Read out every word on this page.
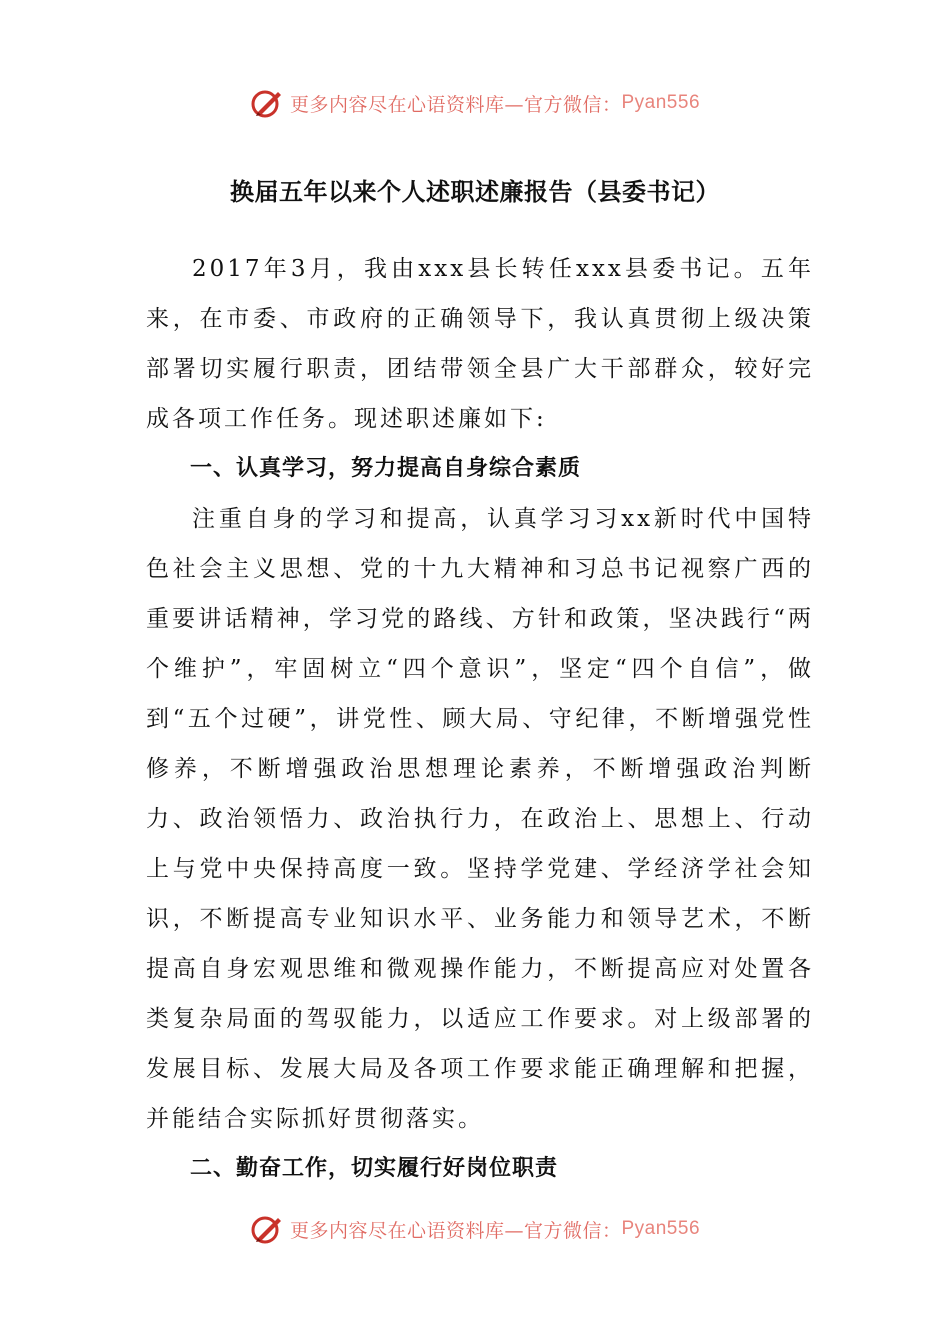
更多内容尽在心语资料库—官方微信： Pyan556
换届五年以来个人述职述廉报告（县委书记）

2017年3月，我由xxx县长转任xxx县委书记。五年来，在市委、市政府的正确领导下，我认真贯彻上级决策部署切实履行职责，团结带领全县广大干部群众，较好完成各项工作任务。现述职述廉如下:

一、认真学习，努力提高自身综合素质

注重自身的学习和提高，认真学习习xx新时代中国特色社会主义思想、党的十九大精神和习总书记视察广西的重要讲话精神，学习党的路线、方针和政策，坚决践行“两个维护”，牢固树立“四个意识”，坚定“四个自信”，做到“五个过硬”，讲党性、顾大局、守纪律，不断增强党性修养，不断增强政治思想理论素养，不断增强政治判断力、政治领悟力、政治执行力，在政治上、思想上、行动上与党中央保持高度一致。坚持学党建、学经济学社会知识，不断提高专业知识水平、业务能力和领导艺术，不断提高自身宏观思维和微观操作能力，不断提高应对处置各类复杂局面的驾驭能力，以适应工作要求。对上级部署的发展目标、发展大局及各项工作要求能正确理解和把握，并能结合实际抓好贯彻落实。

二、勤奋工作，切实履行好岗位职责

更多内容尽在心语资料库—官方微信： Pyan556
